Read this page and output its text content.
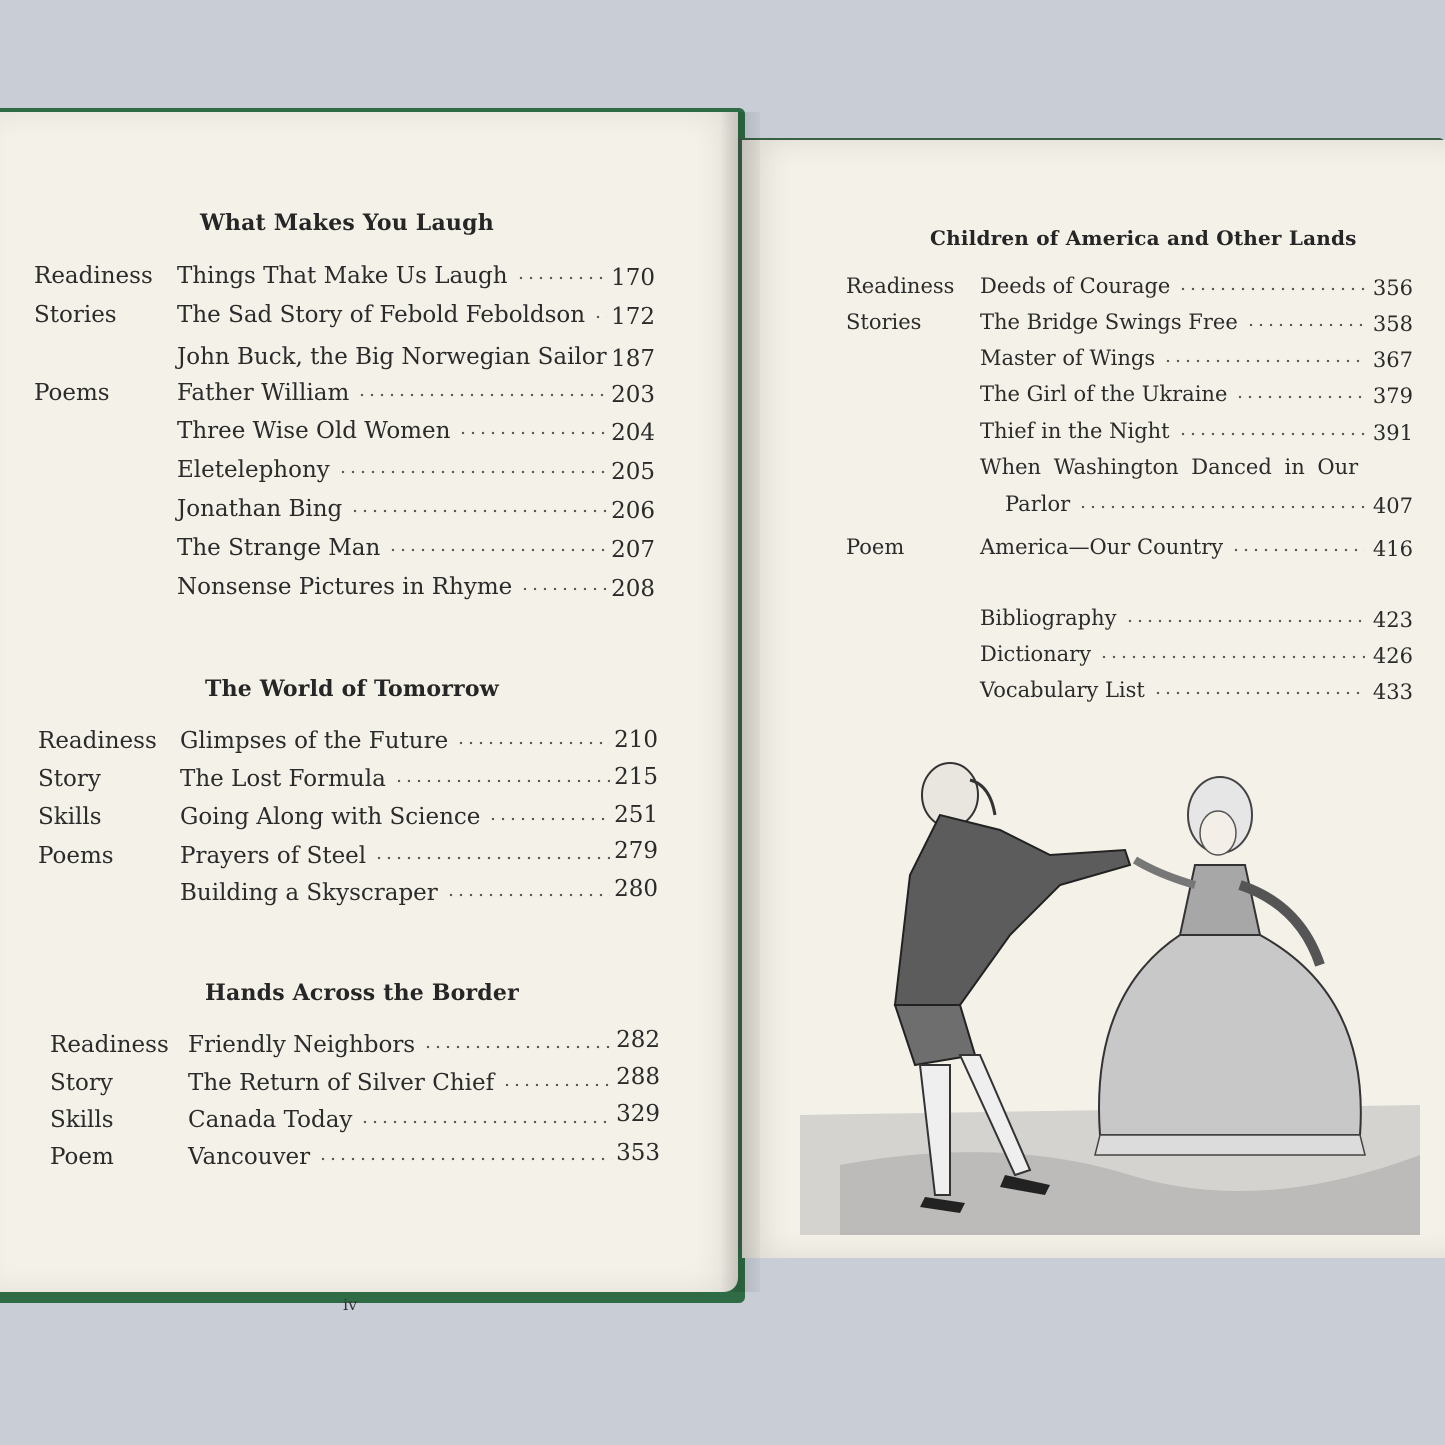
What Makes You Laugh
Readiness Things That Make Us Laugh	170
Stories	The Sad Story of Febold Feboldson	172
John Buck, the Big Norwegian Sailor 187
Poems	Father William	203
Three Wise Old Women	204
Eletelephony	205
Jonathan Bing	206
The Strange Man	207
Nonsense Pictures in Rhyme	208
The World of Tomorrow
Readiness Glimpses of the Future	210
Story	The Lost Formula	215
Skills	Going Along with Science	251
Poems	Prayers of Steel	279
Building a Skyscraper	280
Hands Across the Border
Readiness Friendly Neighbors	282
Story	The Return of Silver Chief	288
Skills	Canada Today	329
Poem	Vancouver	353
iv
Children of America and Other Lands
Readiness Deeds of Courage	356
Stories	The Bridge Swings Free	358
Master of Wings	367
The Girl of the Ukraine	379
Thief in the Night	391
When Washington Danced in Our
Parlor	407
Poem	America—Our Country	416
Bibliography	423
Dictionary	426
Vocabulary List	433
